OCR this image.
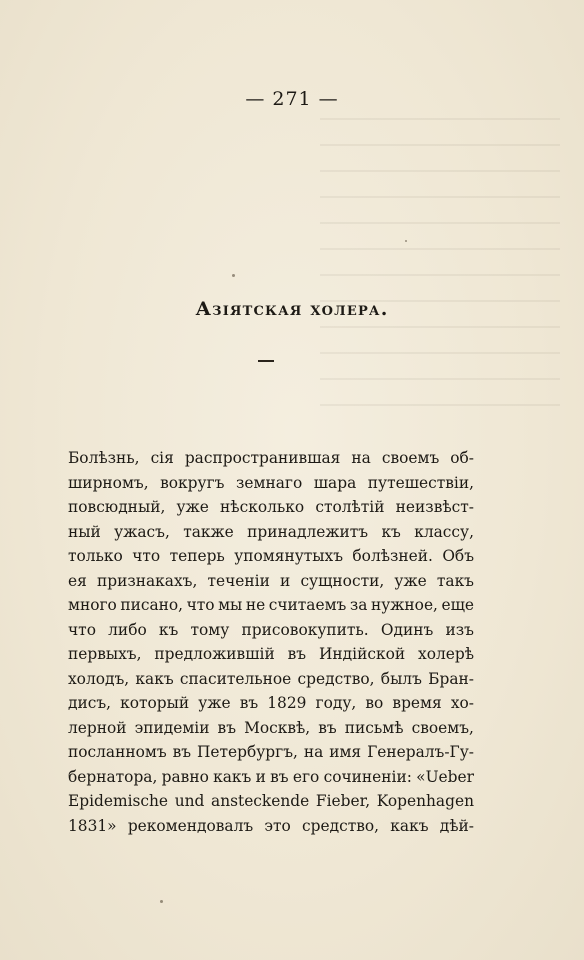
— 271 —
Азіятская холера.
Болѣзнь, сія распространившая на своемъ об-
ширномъ, вокругъ земнаго шара путешествіи,
повсюдный, уже нѣсколько столѣтій неизвѣст-
ный ужасъ, также принадлежитъ къ классу,
только что теперь упомянутыхъ болѣзней. Объ
ея признакахъ, теченіи и сущности, уже такъ
много писано, что мы не считаемъ за нужное, еще
что либо къ тому присовокупить. Одинъ изъ
первыхъ, предложившій въ Индійской холерѣ
холодъ, какъ спасительное средство, былъ Бран-
дисъ, который уже въ 1829 году, во время хо-
лерной эпидеміи въ Москвѣ, въ письмѣ своемъ,
посланномъ въ Петербургъ, на имя Генералъ-Гу-
бернатора, равно какъ и въ его сочиненіи: «Ueber
Epidemische und ansteckende Fieber, Kopenhagen
1831» рекомендовалъ это средство, какъ дѣй-
